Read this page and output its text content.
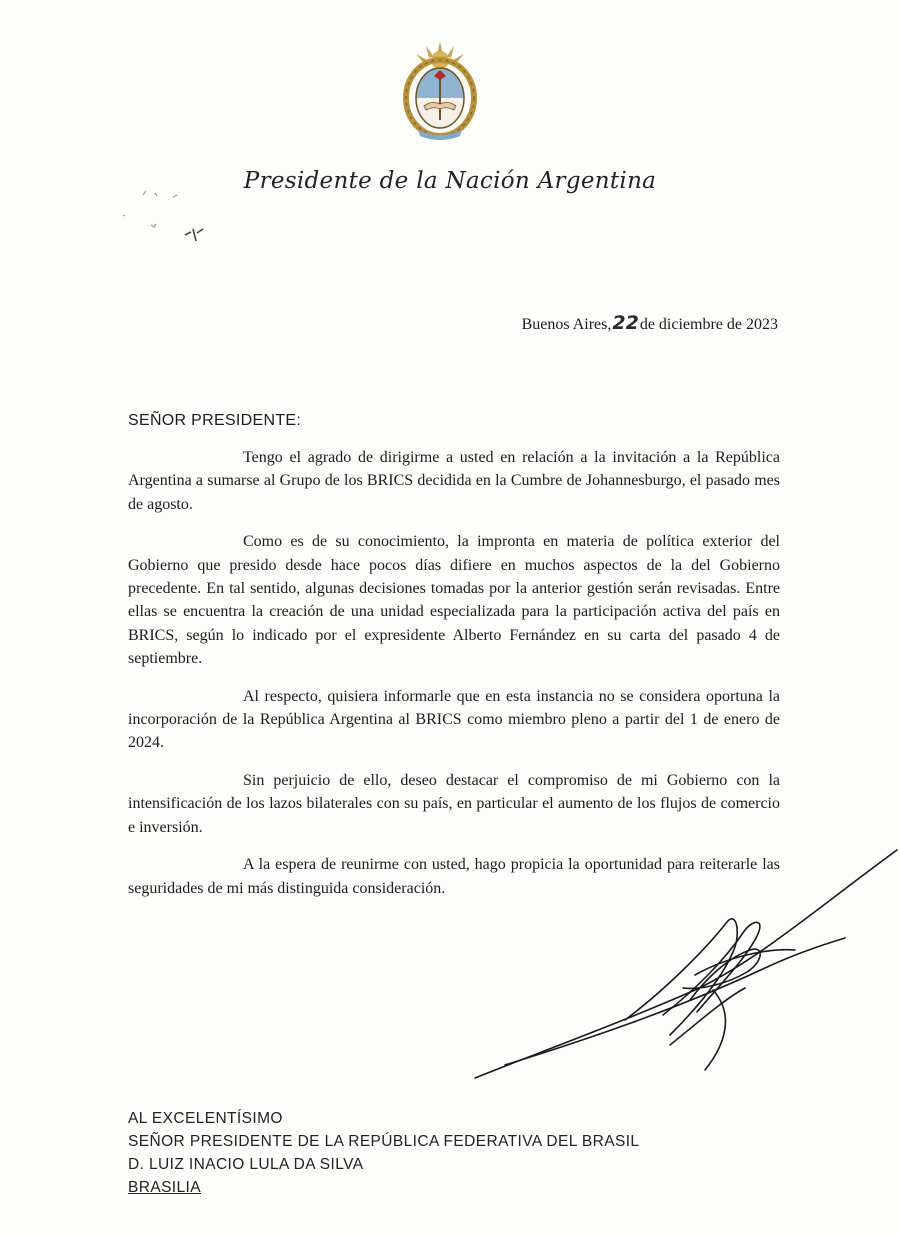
Presidente de la Nación Argentina
Buenos Aires,22de diciembre de 2023
SEÑOR PRESIDENTE:

Tengo el agrado de dirigirme a usted en relación a la invitación a la República Argentina a sumarse al Grupo de los BRICS decidida en la Cumbre de Johannesburgo, el pasado mes de agosto.

Como es de su conocimiento, la impronta en materia de política exterior del Gobierno que presido desde hace pocos días difiere en muchos aspectos de la del Gobierno precedente. En tal sentido, algunas decisiones tomadas por la anterior gestión serán revisadas. Entre ellas se encuentra la creación de una unidad especializada para la participación activa del país en BRICS, según lo indicado por el expresidente Alberto Fernández en su carta del pasado 4 de septiembre.

Al respecto, quisiera informarle que en esta instancia no se considera oportuna la incorporación de la República Argentina al BRICS como miembro pleno a partir del 1 de enero de 2024.

Sin perjuicio de ello, deseo destacar el compromiso de mi Gobierno con la intensificación de los lazos bilaterales con su país, en particular el aumento de los flujos de comercio e inversión.

A la espera de reunirme con usted, hago propicia la oportunidad para reiterarle las seguridades de mi más distinguida consideración.

AL EXCELENTÍSIMO
SEÑOR PRESIDENTE DE LA REPÚBLICA FEDERATIVA DEL BRASIL
D. LUIZ INACIO LULA DA SILVA
BRASILIA
